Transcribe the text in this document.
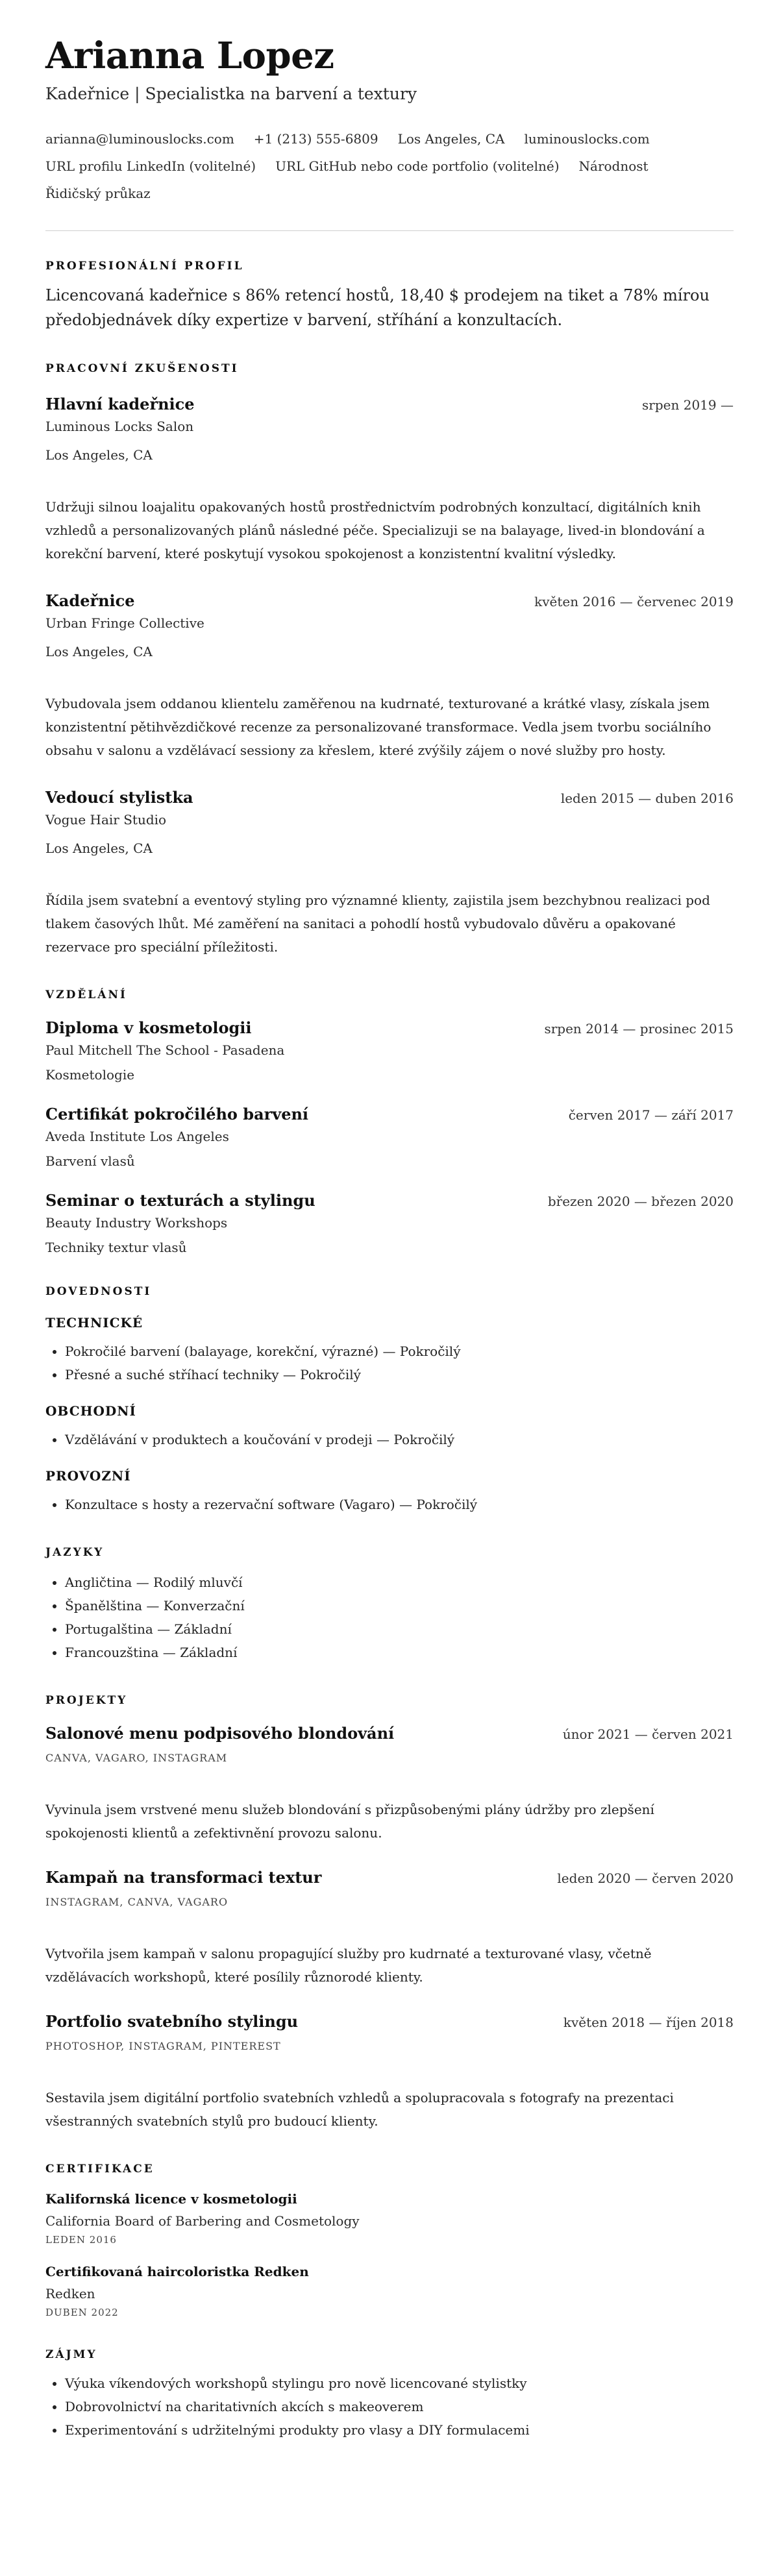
Arianna Lopez
Kadeřnice | Specialistka na barvení a textury
arianna@luminouslocks.com +1 (213) 555-6809 Los Angeles, CA luminouslocks.com
URL profilu LinkedIn (volitelné) URL GitHub nebo code portfolio (volitelné) Národnost
Řidičský průkaz
PROFESIONÁLNÍ PROFIL

Licencovaná kadeřnice s 86% retencí hostů, 18,40 $ prodejem na tiket a 78% mírou předobjednávek díky expertize v barvení, stříhání a konzultacích.

PRACOVNÍ ZKUŠENOSTI
Hlavní kadeřnice	srpen 2019 —
Luminous Locks Salon
Los Angeles, CA

Udržuji silnou loajalitu opakovaných hostů prostřednictvím podrobných konzultací, digitálních knih vzhledů a personalizovaných plánů následné péče. Specializuji se na balayage, lived-in blondování a korekční barvení, které poskytují vysokou spokojenost a konzistentní kvalitní výsledky.

Kadeřnice	květen 2016 — červenec 2019
Urban Fringe Collective
Los Angeles, CA

Vybudovala jsem oddanou klientelu zaměřenou na kudrnaté, texturované a krátké vlasy, získala jsem konzistentní pětihvězdičkové recenze za personalizované transformace. Vedla jsem tvorbu sociálního obsahu v salonu a vzdělávací sessiony za křeslem, které zvýšily zájem o nové služby pro hosty.

Vedoucí stylistka	leden 2015 — duben 2016
Vogue Hair Studio
Los Angeles, CA

Řídila jsem svatební a eventový styling pro významné klienty, zajistila jsem bezchybnou realizaci pod tlakem časových lhůt. Mé zaměření na sanitaci a pohodlí hostů vybudovalo důvěru a opakované rezervace pro speciální příležitosti.

VZDĚLÁNÍ
Diploma v kosmetologii	srpen 2014 — prosinec 2015
Paul Mitchell The School - Pasadena
Kosmetologie
Certifikát pokročilého barvení	červen 2017 — září 2017
Aveda Institute Los Angeles
Barvení vlasů
Seminar o texturách a stylingu	březen 2020 — březen 2020
Beauty Industry Workshops
Techniky textur vlasů
DOVEDNOSTI
TECHNICKÉ
• Pokročilé barvení (balayage, korekční, výrazné) — Pokročilý
• Přesné a suché stříhací techniky — Pokročilý
OBCHODNÍ
• Vzdělávání v produktech a koučování v prodeji — Pokročilý
PROVOZNÍ
• Konzultace s hosty a rezervační software (Vagaro) — Pokročilý
JAZYKY
• Angličtina — Rodilý mluvčí
• Španělština — Konverzační
• Portugalština — Základní
• Francouzština — Základní
PROJEKTY
Salonové menu podpisového blondování	únor 2021 — červen 2021
CANVA, VAGARO, INSTAGRAM

Vyvinula jsem vrstvené menu služeb blondování s přizpůsobenými plány údržby pro zlepšení spokojenosti klientů a zefektivnění provozu salonu.

Kampaň na transformaci textur	leden 2020 — červen 2020
INSTAGRAM, CANVA, VAGARO

Vytvořila jsem kampaň v salonu propagující služby pro kudrnaté a texturované vlasy, včetně vzdělávacích workshopů, které posílily různorodé klienty.

Portfolio svatebního stylingu	květen 2018 — říjen 2018
PHOTOSHOP, INSTAGRAM, PINTEREST

Sestavila jsem digitální portfolio svatebních vzhledů a spolupracovala s fotografy na prezentaci všestranných svatebních stylů pro budoucí klienty.

CERTIFIKACE
Kalifornská licence v kosmetologii
California Board of Barbering and Cosmetology
LEDEN 2016
Certifikovaná haircoloristka Redken
Redken
DUBEN 2022
ZÁJMY
• Výuka víkendových workshopů stylingu pro nově licencované stylistky
• Dobrovolnictví na charitativních akcích s makeoverem
• Experimentování s udržitelnými produkty pro vlasy a DIY formulacemi
